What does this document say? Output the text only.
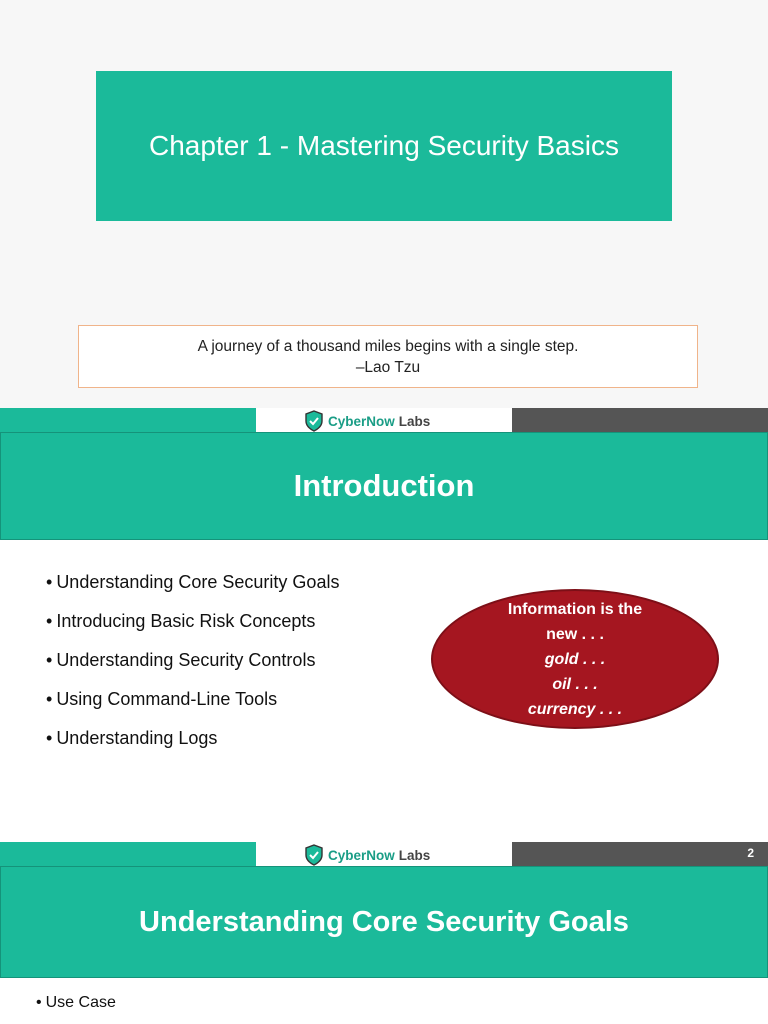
Chapter 1 - Mastering Security Basics
A journey of a thousand miles begins with a single step.
–Lao Tzu
CyberNow Labs
Introduction
• Understanding Core Security Goals
• Introducing Basic Risk Concepts
• Understanding Security Controls
• Using Command-Line Tools
• Understanding Logs
Information is the
new . . .
gold . . .
oil . . .
currency . . .
CyberNow Labs	2
Understanding Core Security Goals
• Use Case
